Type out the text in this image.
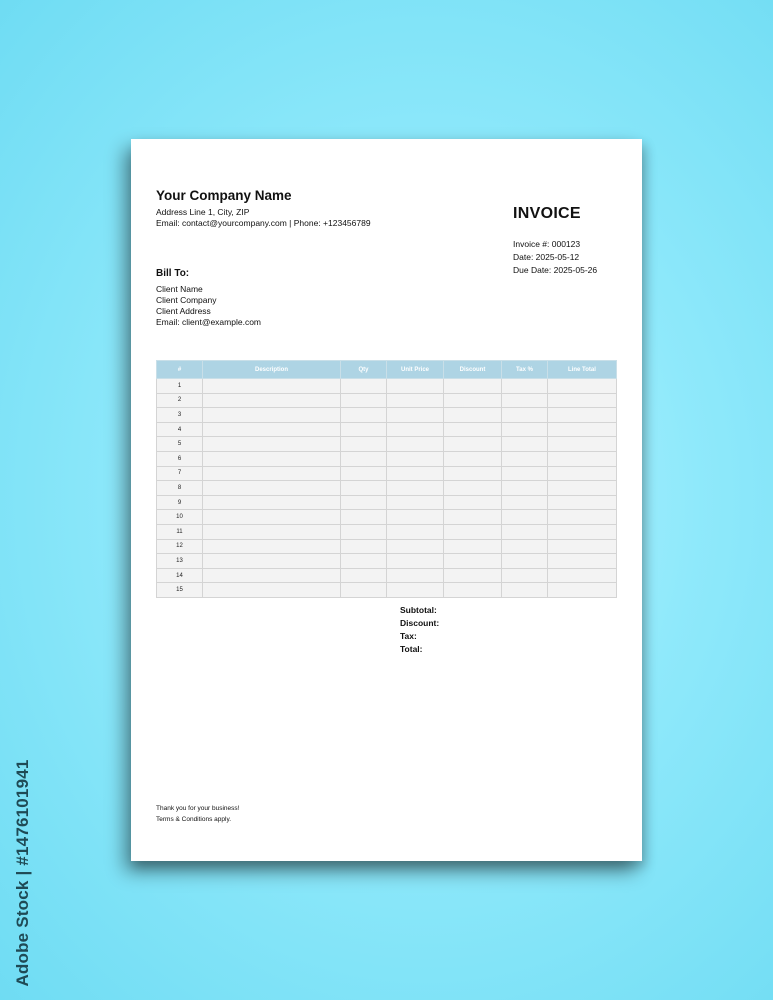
Your Company Name
Address Line 1, City, ZIP
Email: contact@yourcompany.com | Phone: +123456789
INVOICE
Invoice #: 000123
Date: 2025-05-12
Due Date: 2025-05-26
Bill To:
Client Name
Client Company
Client Address
Email: client@example.com
#	Description	Qty	Unit Price	Discount	Tax %	Line Total
1						
2						
3						
4						
5						
6						
7						
8						
9						
10						
11						
12						
13						
14						
15						
Subtotal:
Discount:
Tax:
Total:
Thank you for your business!
Terms & Conditions apply.
Adobe Stock | #1476101941
